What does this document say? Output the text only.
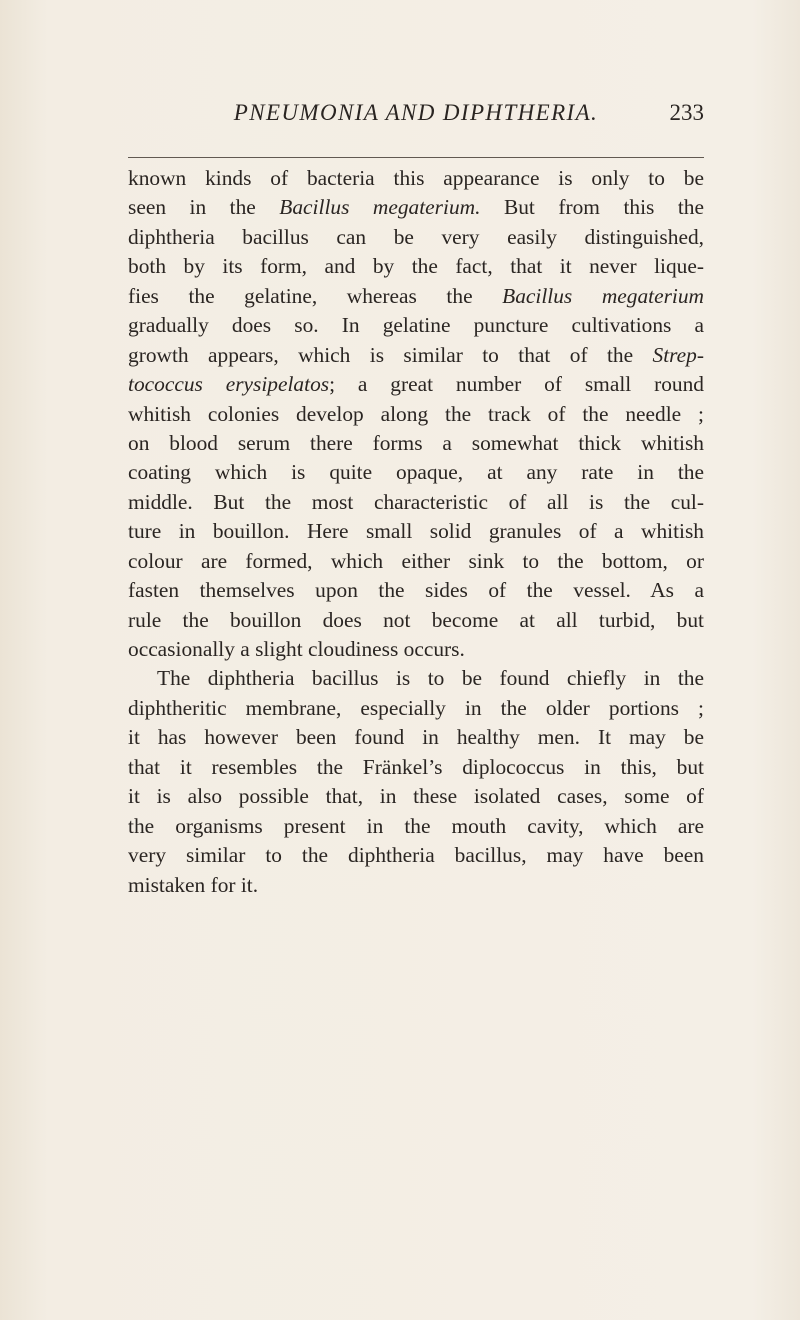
PNEUMONIA AND DIPHTHERIA.	233
known kinds of bacteria this appearance is only to be
seen in the Bacillus megaterium. But from this the
diphtheria bacillus can be very easily distinguished,
both by its form, and by the fact, that it never lique-
fies the gelatine, whereas the Bacillus megaterium
gradually does so. In gelatine puncture cultivations a
growth appears, which is similar to that of the Strep-
tococcus erysipelatos; a great number of small round
whitish colonies develop along the track of the needle ;
on blood serum there forms a somewhat thick whitish
coating which is quite opaque, at any rate in the
middle. But the most characteristic of all is the cul-
ture in bouillon. Here small solid granules of a whitish
colour are formed, which either sink to the bottom, or
fasten themselves upon the sides of the vessel. As a
rule the bouillon does not become at all turbid, but
occasionally a slight cloudiness occurs.
The diphtheria bacillus is to be found chiefly in the
diphtheritic membrane, especially in the older portions ;
it has however been found in healthy men. It may be
that it resembles the Fränkel’s diplococcus in this, but
it is also possible that, in these isolated cases, some of
the organisms present in the mouth cavity, which are
very similar to the diphtheria bacillus, may have been
mistaken for it.
